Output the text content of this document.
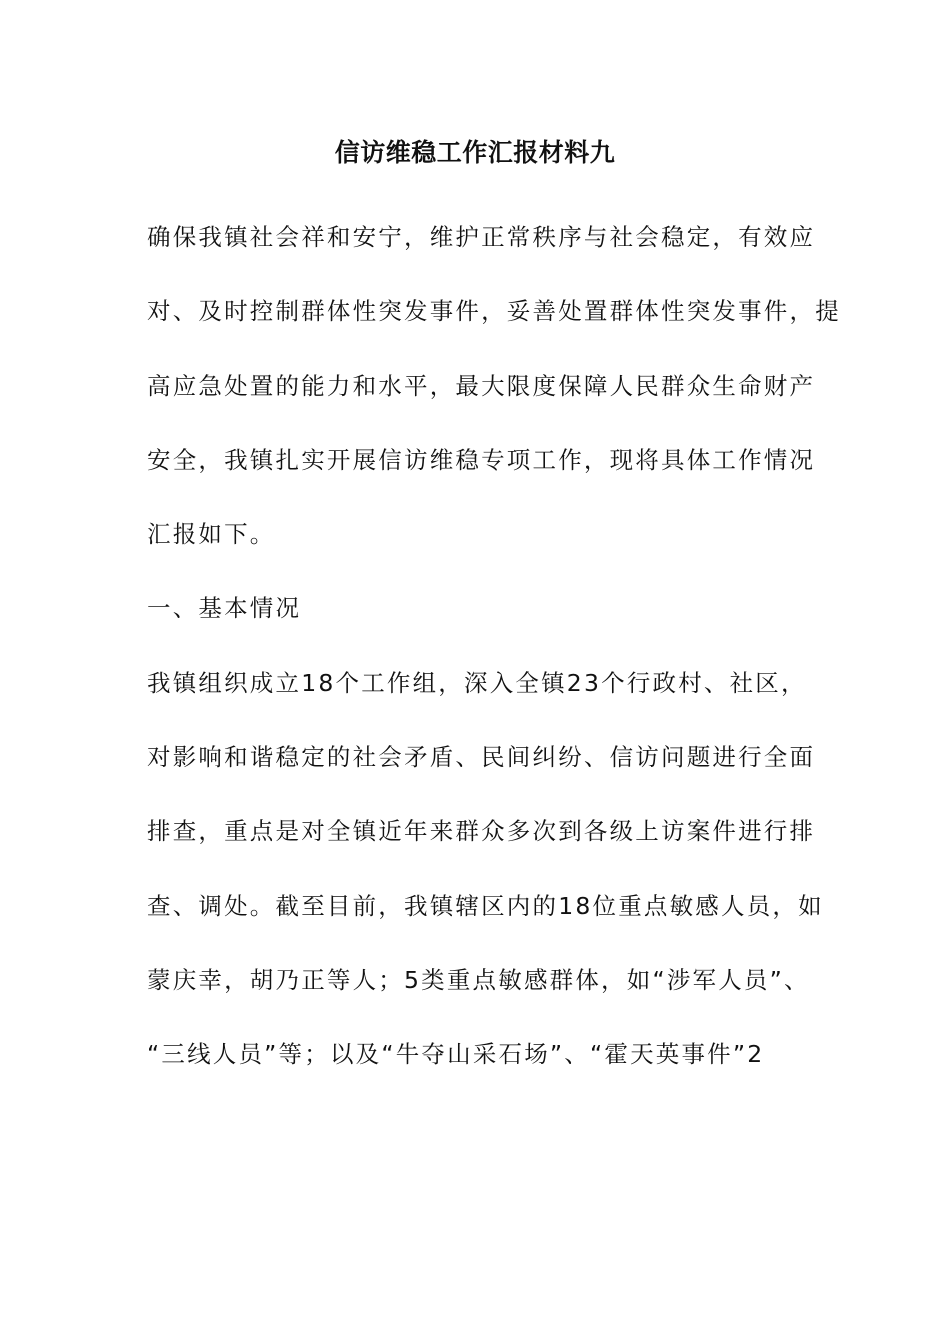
信访维稳工作汇报材料九
确保我镇社会祥和安宁，维护正常秩序与社会稳定，有效应
对、及时控制群体性突发事件，妥善处置群体性突发事件，提
高应急处置的能力和水平，最大限度保障人民群众生命财产
安全，我镇扎实开展信访维稳专项工作，现将具体工作情况
汇报如下。
一、基本情况
我镇组织成立18个工作组，深入全镇23个行政村、社区，
对影响和谐稳定的社会矛盾、民间纠纷、信访问题进行全面
排查，重点是对全镇近年来群众多次到各级上访案件进行排
查、调处。截至目前，我镇辖区内的18位重点敏感人员，如
蒙庆幸，胡乃正等人；5类重点敏感群体，如“涉军人员”、
“三线人员”等；以及“牛夺山采石场”、“霍天英事件”2
